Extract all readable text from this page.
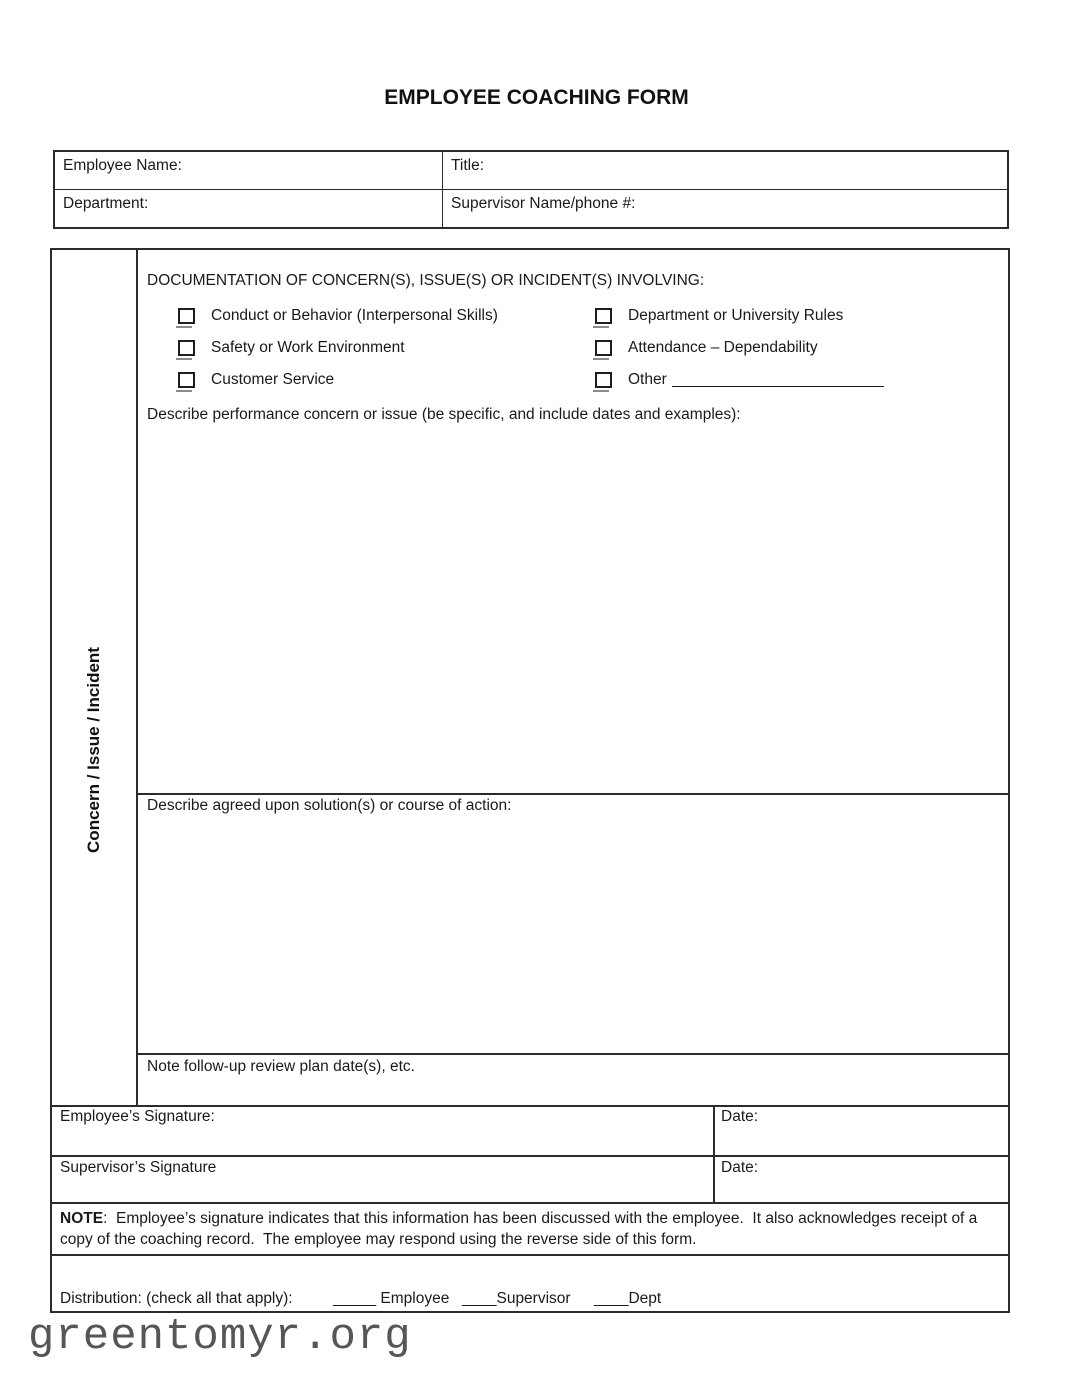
EMPLOYEE COACHING FORM
Employee Name:	Title:
Department:	Supervisor Name/phone #:
Concern / Issue / Incident
DOCUMENTATION OF CONCERN(S), ISSUE(S) OR INCIDENT(S) INVOLVING:
Conduct or Behavior (Interpersonal Skills)
Safety or Work Environment
Customer Service
Department or University Rules
Attendance – Dependability
Other
Describe performance concern or issue (be specific, and include dates and examples):
Describe agreed upon solution(s) or course of action:
Note follow-up review plan date(s), etc.
Employee’s Signature:	Date:
Supervisor’s Signature	Date:
NOTE:  Employee’s signature indicates that this information has been discussed with the employee.  It also acknowledges receipt of a
copy of the coaching record.  The employee may respond using the reverse side of this form.
Distribution: (check all that apply):	_____ Employee ____Supervisor ____Dept
greentomyr.org
